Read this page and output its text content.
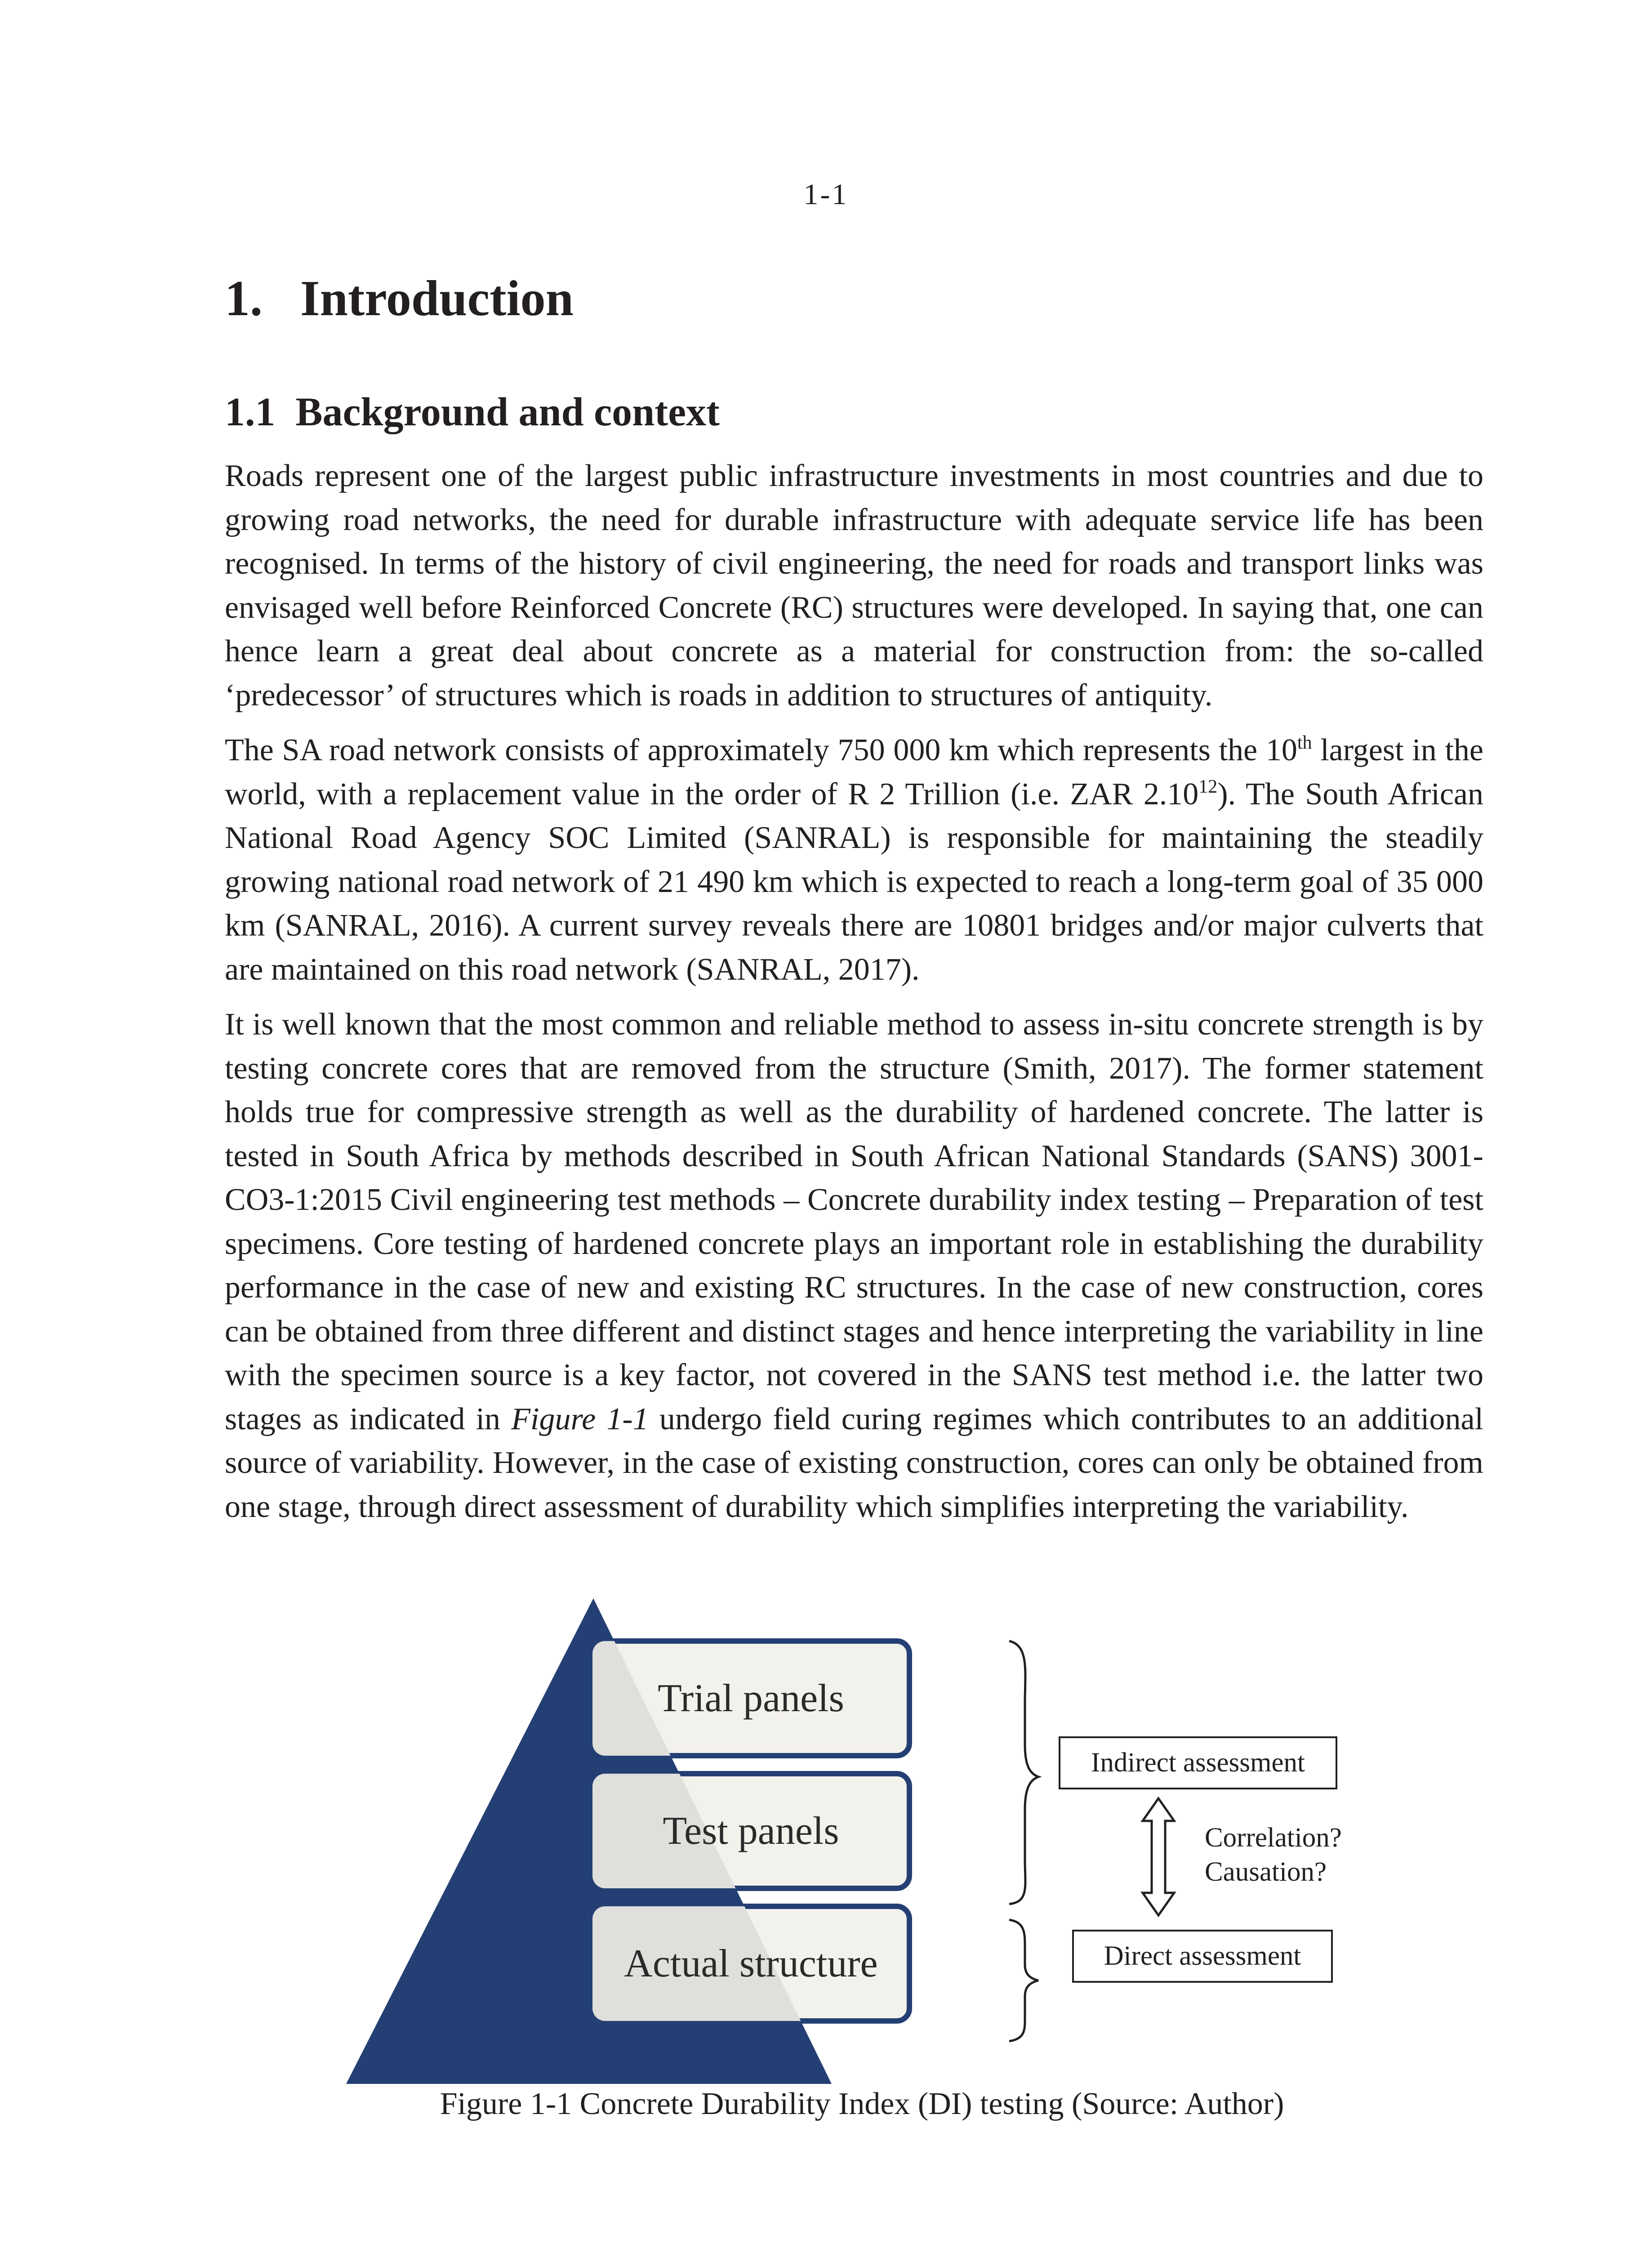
1-1
1.   Introduction
1.1  Background and context

Roads represent one of the largest public infrastructure investments in most countries and due to growing road networks, the need for durable infrastructure with adequate service life has been recognised. In terms of the history of civil engineering, the need for roads and transport links was envisaged well before Reinforced Concrete (RC) structures were developed. In saying that, one can hence learn a great deal about concrete as a material for construction from: the so-called ‘predecessor’ of structures which is roads in addition to structures of antiquity.

The SA road network consists of approximately 750 000 km which represents the 10th largest in the world, with a replacement value in the order of R 2 Trillion (i.e. ZAR 2.10$^{12}$). The South African National Road Agency SOC Limited (SANRAL) is responsible for maintaining the steadily growing national road network of 21 490 km which is expected to reach a long-term goal of 35 000 km (SANRAL, 2016). A current survey reveals there are 10801 bridges and/or major culverts that are maintained on this road network (SANRAL, 2017).

It is well known that the most common and reliable method to assess in-situ concrete strength is by testing concrete cores that are removed from the structure (Smith, 2017). The former statement holds true for compressive strength as well as the durability of hardened concrete. The latter is tested in South Africa by methods described in South African National Standards (SANS) 3001-CO3-1:2015 Civil engineering test methods – Concrete durability index testing – Preparation of test specimens. Core testing of hardened concrete plays an important role in establishing the durability performance in the case of new and existing RC structures. In the case of new construction, cores can be obtained from three different and distinct stages and hence interpreting the variability in line with the specimen source is a key factor, not covered in the SANS test method i.e. the latter two stages as indicated in Figure 1-1 undergo field curing regimes which contributes to an additional source of variability. However, in the case of existing construction, cores can only be obtained from one stage, through direct assessment of durability which simplifies interpreting the variability.

Trial panels
Test panels
Actual structure
Indirect assessment
Direct assessment
Correlation?
Causation?
Figure 1-1 Concrete Durability Index (DI) testing (Source: Author)
